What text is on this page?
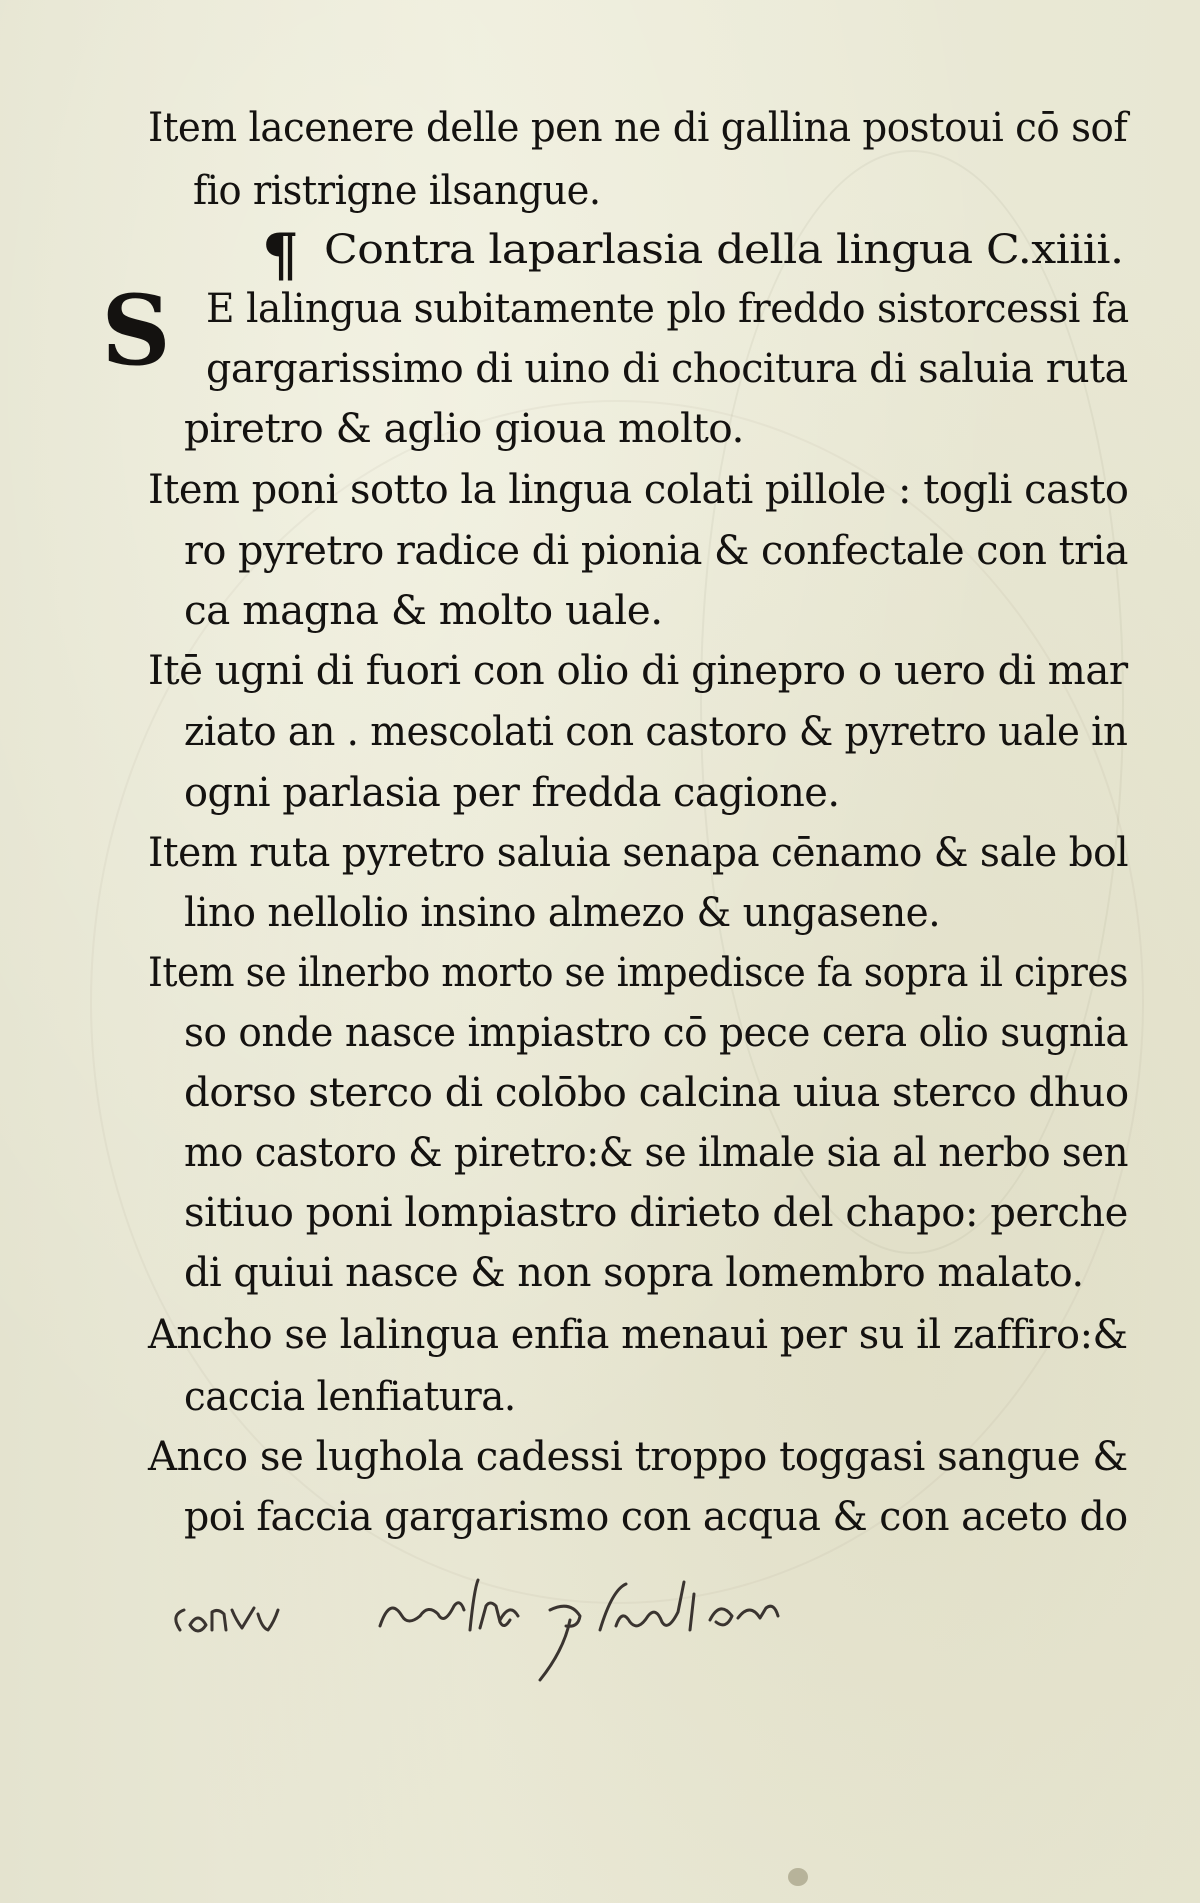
¶
S
Item lacenere delle pen ne di gallina postoui cō sof
fio ristrigne ilsangue.
Contra laparlasia della lingua C.xiiii.
E lalingua subitamente plo freddo sistorcessi fa
gargarissimo di uino di chocitura di saluia ruta
piretro & aglio gioua molto.
Item poni sotto la lingua colati pillole : togli casto
ro pyretro radice di pionia & confectale con tria
ca magna & molto uale.
Itē ugni di fuori con olio di ginepro o uero di mar
ziato an . mescolati con castoro & pyretro uale in
ogni parlasia per fredda cagione.
Item ruta pyretro saluia senapa cēnamo & sale bol
lino nellolio insino almezo & ungasene.
Item se ilnerbo morto se impedisce fa sopra il cipres
so onde nasce impiastro cō pece cera olio sugnia
dorso sterco di colōbo calcina uiua sterco dhuo
mo castoro & piretro:& se ilmale sia al nerbo sen
sitiuo poni lompiastro dirieto del chapo: perche
di quiui nasce & non sopra lomembro malato.
Ancho se lalingua enfia menaui per su il zaffiro:&
caccia lenfiatura.
Anco se lughola cadessi troppo toggasi sangue &
poi faccia gargarismo con acqua & con aceto do
